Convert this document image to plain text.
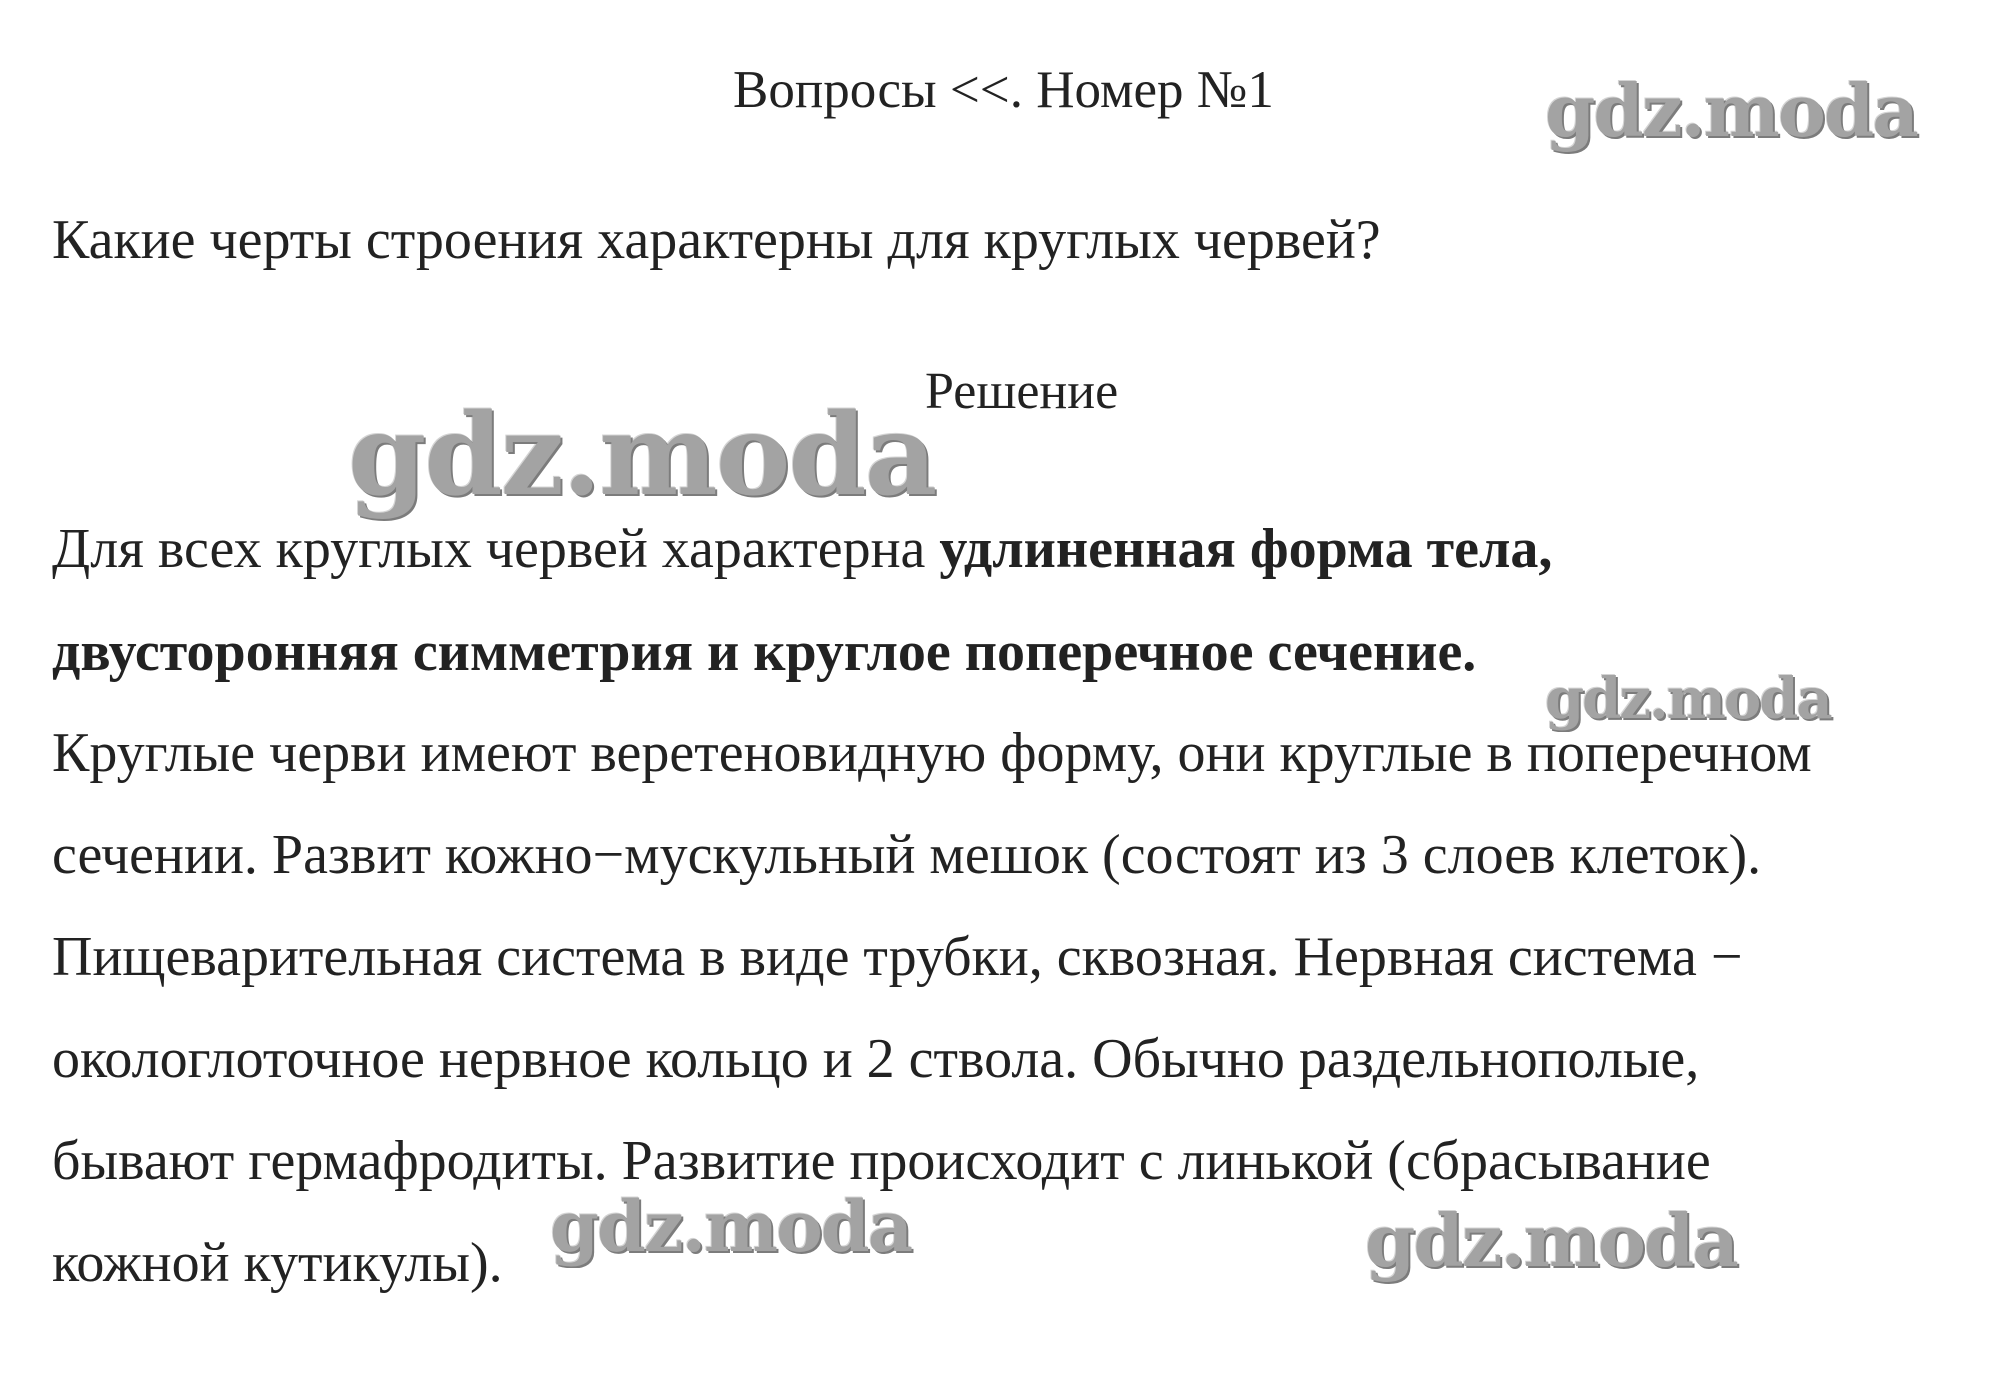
Вопросы <<. Номер №1
Какие черты строения характерны для круглых червей?
Решение
Для всех круглых червей характерна удлиненная форма тела,
двусторонняя симметрия и круглое поперечное сечение.
Круглые черви имеют веретеновидную форму, они круглые в поперечном
сечении. Развит кожно−мускульный мешок (состоят из 3 слоев клеток).
Пищеварительная система в виде трубки, сквозная. Нервная система −
окологлоточное нервное кольцо и 2 ствола. Обычно раздельнополые,
бывают гермафродиты. Развитие происходит с линькой (сбрасывание
кожной кутикулы).
gdz.moda
gdz.moda
gdz.moda
gdz.moda	gdz.moda
